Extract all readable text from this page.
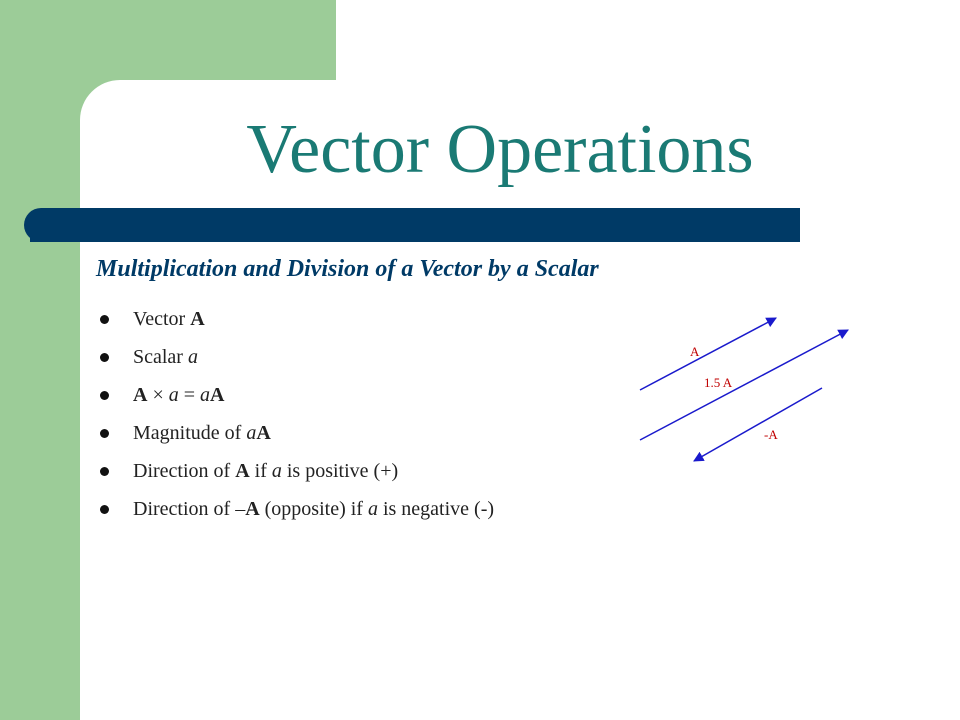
Vector Operations
Multiplication and Division of a Vector by a Scalar
Vector A
Scalar a
A × a = aA
Magnitude of aA
Direction of A if a is positive (+)
Direction of –A (opposite) if a is negative (-)
A
1.5 A
-A
